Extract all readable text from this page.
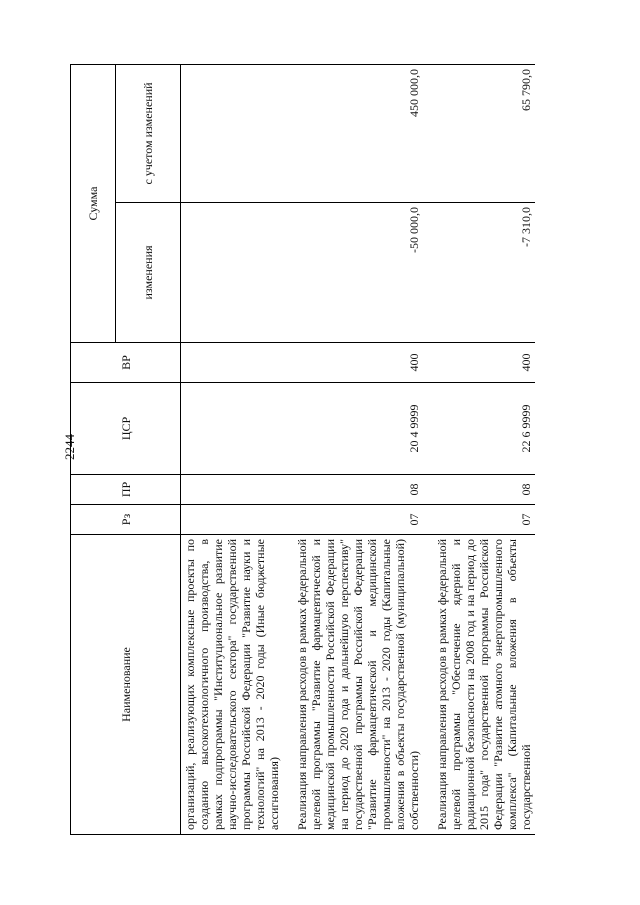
2244
Наименование	Рз	ПР	ЦСР	ВР	Сумма	
					изменения	с учетом изменений
организаций, реализующих комплексные проекты по созданию высокотехнологичного производства, в рамках подпрограммы "Институциональное развитие научно-исследовательского сектора" государственной программы Российской Федерации "Развитие науки и технологий" на 2013 - 2020 годы (Иные бюджетные ассигнования)						

Реализация направления расходов в рамках федеральной целевой программы "Развитие фармацевтической и медицинской промышленности Российской Федерации на период до 2020 года и дальнейшую перспективу" государственной программы Российской Федерации "Развитие фармацевтической и медицинской промышленности" на 2013 - 2020 годы (Капитальные вложения в объекты государственной (муниципальной) собственности)	07	08	20 4 9999	400	-50 000,0	450 000,0

Реализация направления расходов в рамках федеральной целевой программы "Обеспечение ядерной и радиационной безопасности на 2008 год и на период до 2015 года" государственной программы Российской Федерации "Развитие атомного энергопромышленного комплекса" (Капитальные вложения в объекты государственной	07	08	22 6 9999	400	-7 310,0	65 790,0
